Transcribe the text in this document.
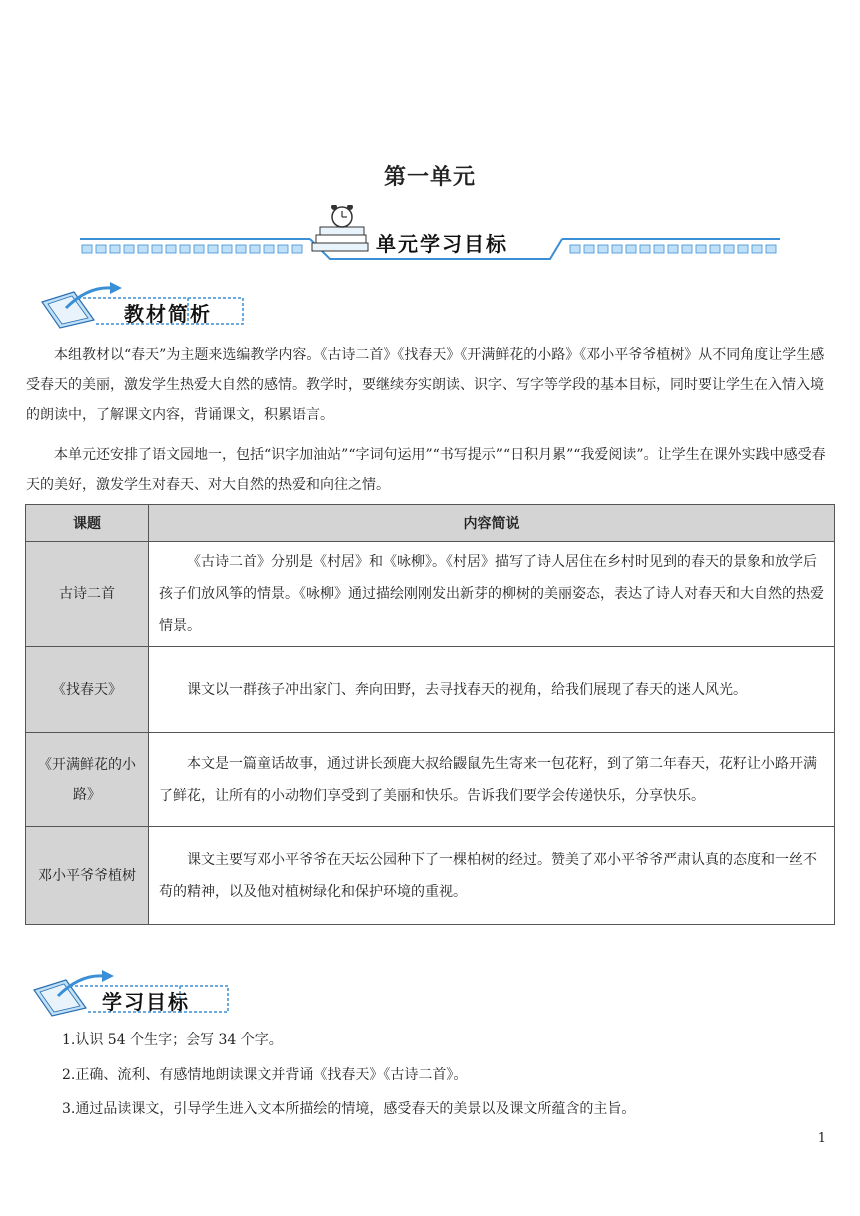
第一单元
单元学习目标
教材简析

本组教材以“春天”为主题来选编教学内容。《古诗二首》《找春天》《开满鲜花的小路》《邓小平爷爷植树》从不同角度让学生感受春天的美丽，激发学生热爱大自然的感情。教学时，要继续夯实朗读、识字、写字等学段的基本目标，同时要让学生在入情入境的朗读中，了解课文内容，背诵课文，积累语言。

本单元还安排了语文园地一，包括“识字加油站”“字词句运用”“书写提示”“日积月累”“我爱阅读”。让学生在课外实践中感受春天的美好，激发学生对春天、对大自然的热爱和向往之情。

课题	内容简说
古诗二首	《古诗二首》分别是《村居》和《咏柳》。《村居》描写了诗人居住在乡村时见到的春天的景象和放学后孩子们放风筝的情景。《咏柳》通过描绘刚刚发出新芽的柳树的美丽姿态，表达了诗人对春天和大自然的热爱情景。
《找春天》	课文以一群孩子冲出家门、奔向田野，去寻找春天的视角，给我们展现了春天的迷人风光。
《开满鲜花的小路》	本文是一篇童话故事，通过讲长颈鹿大叔给鼹鼠先生寄来一包花籽，到了第二年春天，花籽让小路开满了鲜花，让所有的小动物们享受到了美丽和快乐。告诉我们要学会传递快乐，分享快乐。
邓小平爷爷植树	课文主要写邓小平爷爷在天坛公园种下了一棵柏树的经过。赞美了邓小平爷爷严肃认真的态度和一丝不苟的精神，以及他对植树绿化和保护环境的重视。
学习目标
1.认识 54 个生字；会写 34 个字。
2.正确、流利、有感情地朗读课文并背诵《找春天》《古诗二首》。
3.通过品读课文，引导学生进入文本所描绘的情境，感受春天的美景以及课文所蕴含的主旨。
1
